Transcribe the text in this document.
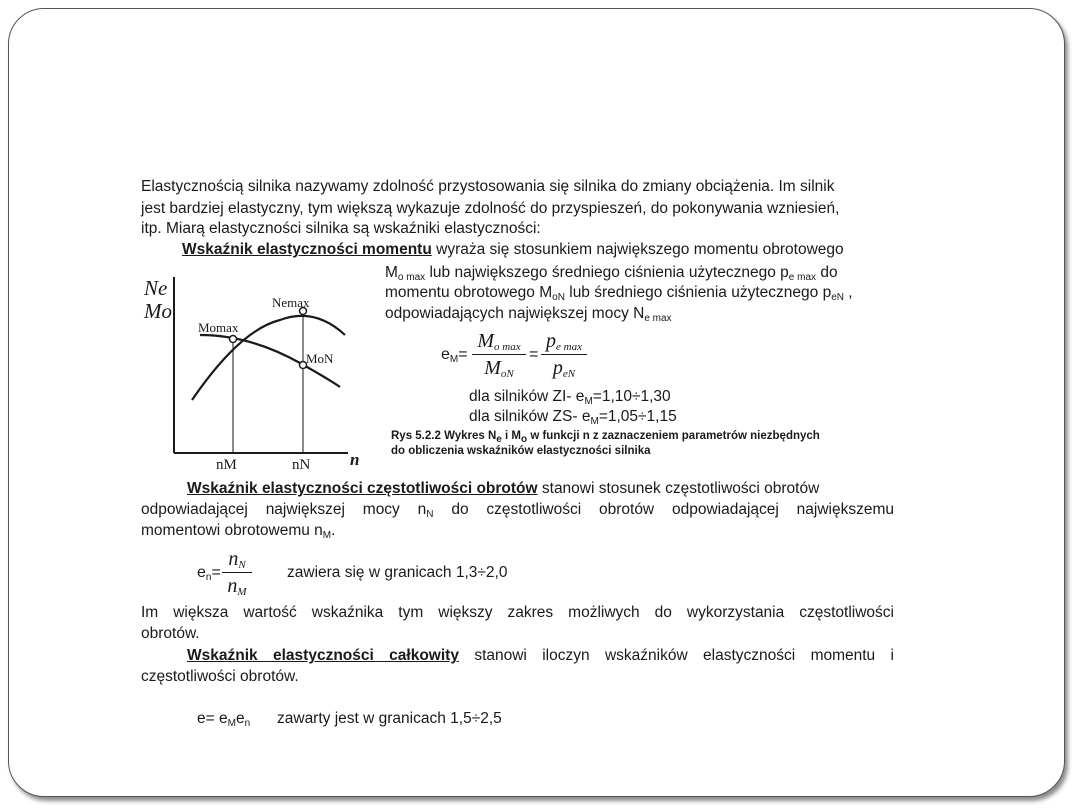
Elastycznością silnika nazywamy zdolność przystosowania się silnika do zmiany obciążenia. Im silnik
jest bardziej elastyczny, tym większą wykazuje zdolność do przyspieszeń, do pokonywania wzniesień,
itp. Miarą elastyczności silnika są wskaźniki elastyczności:
Wskaźnik elastyczności momentu wyraża się stosunkiem największego momentu obrotowego
$M_{o max}$ lub największego średniego ciśnienia użytecznego $p_{e max}$ do
momentu obrotowego $M_{oN}$ lub średniego ciśnienia użytecznego $p_{eN}$ ,
odpowiadających największej mocy $N_{e max}$
$e_M=$
$M_{o max}$
$M_{oN}$
=
$p_{e max}$
$p_{eN}$
dla silników ZI- $e_M=1,10\div 1,30$
dla silników ZS- $e_M=1,05\div 1,15$
Rys 5.2.2 Wykres $N_e$ i $M_o$ w funkcji n z zaznaczeniem parametrów niezbędnych
do obliczenia wskaźników elastyczności silnika
Ne
Mo	Nemax
Momax
MoN
nM	nN n
Wskaźnik elastyczności częstotliwości obrotów stanowi stosunek częstotliwości obrotów
odpowiadającej największej mocy $n_N$ do częstotliwości obrotów odpowiadającej największemu
momentowi obrotowemu $n_M$.
$e_n=$
$n_N$
$n_M$
zawiera się w granicach 1,3÷2,0
Im większa wartość wskaźnika tym większy zakres możliwych do wykorzystania częstotliwości
obrotów.
Wskaźnik elastyczności całkowity stanowi iloczyn wskaźników elastyczności momentu i
częstotliwości obrotów.
$e= e_Me_n$ zawarty jest w granicach 1,5÷2,5
